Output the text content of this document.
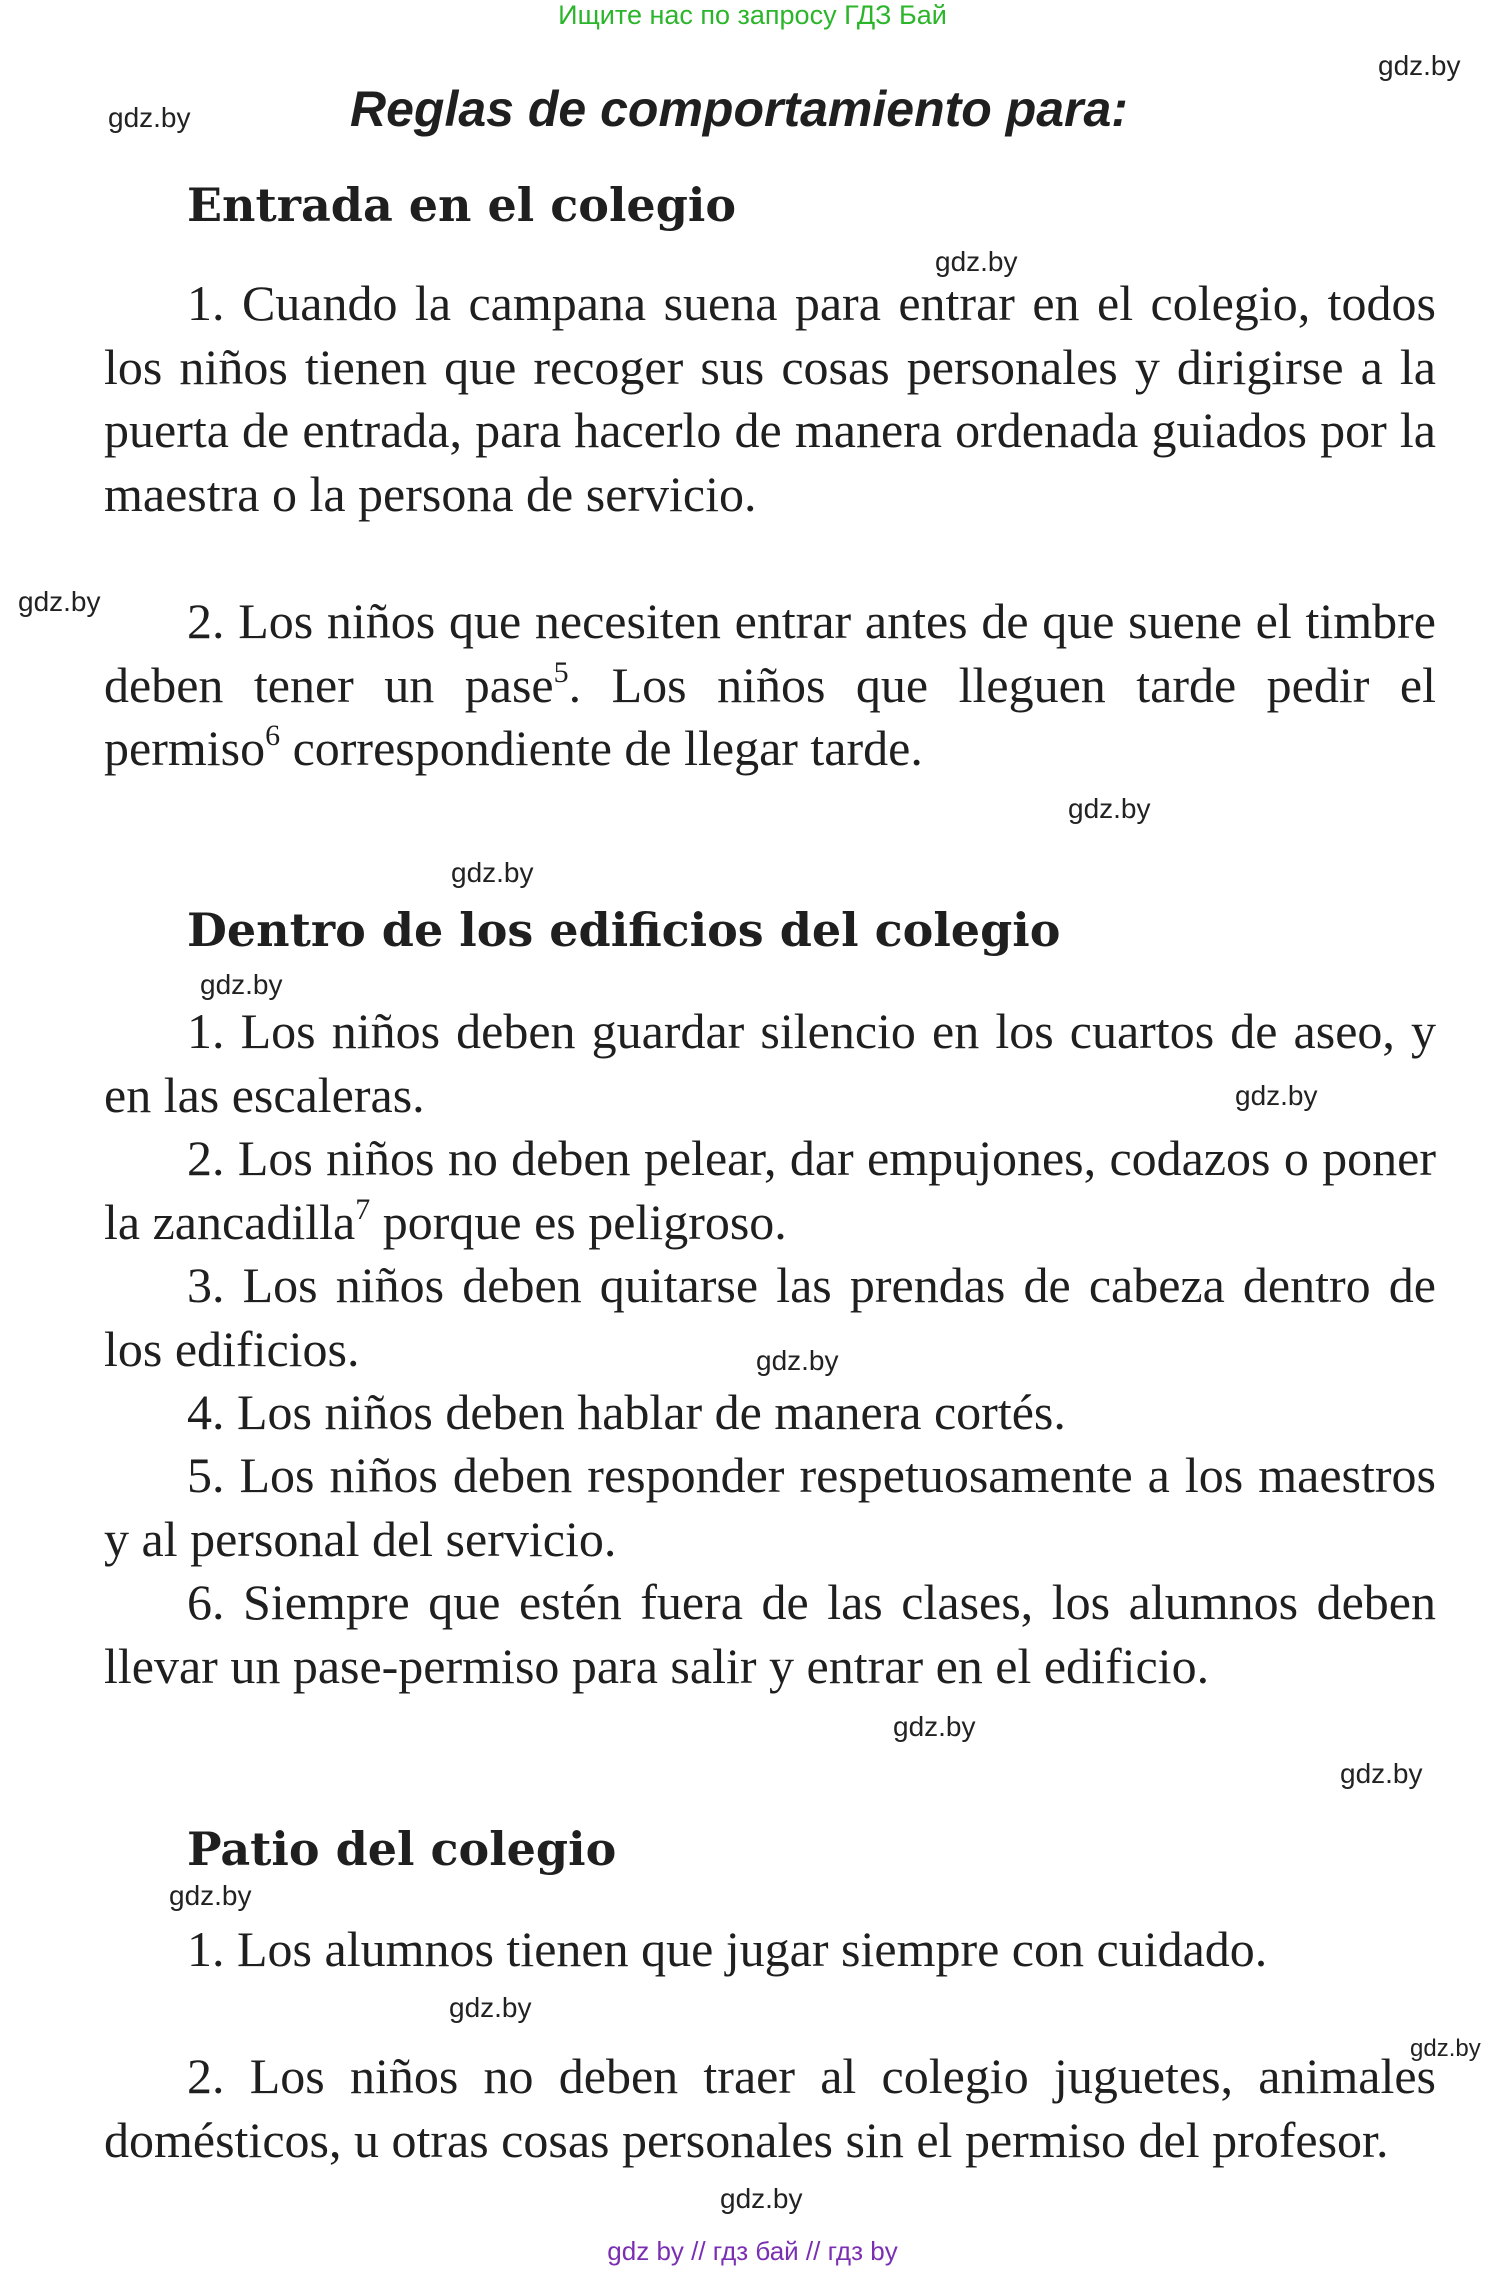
Ищите нас по запросу ГДЗ Бай
gdz.by
gdz.by	Reglas de comportamiento para:
Entrada en el colegio
gdz.by

1. Cuando la campana suena para entrar en el colegio, todos los niños tienen que recoger sus cosas personales y dirigirse a la puerta de entrada, para hacerlo de manera ordenada guiados por la maestra o la persona de servicio.

gdz.by	2. Los niños que necesiten entrar antes de que suene el timbre deben tener un pase$^5$. Los niños que lleguen tarde pedir el permiso$^6$ correspondiente de llegar tarde.

gdz.by
gdz.by
Dentro de los edificios del colegio
gdz.by

1. Los niños deben guardar silencio en los cuartos de aseo, y en las escaleras.	gdz.by

2. Los niños no deben pelear, dar empujones, codazos o poner la zancadilla$^7$ porque es peligroso.

3. Los niños deben quitarse las prendas de cabeza dentro de los edificios.	gdz.by

4. Los niños deben hablar de manera cortés.

5. Los niños deben responder respetuosamente a los maestros y al personal del servicio.

6. Siempre que estén fuera de las clases, los alumnos deben llevar un pase-permiso para salir y entrar en el edificio.

gdz.by
gdz.by
Patio del colegio
gdz.by

1. Los alumnos tienen que jugar siempre con cuidado.

gdz.by
gdz.by

2. Los niños no deben traer al colegio juguetes, animales domésticos, u otras cosas personales sin el permiso del profesor.

gdz.by
gdz by // гдз бай // гдз by
